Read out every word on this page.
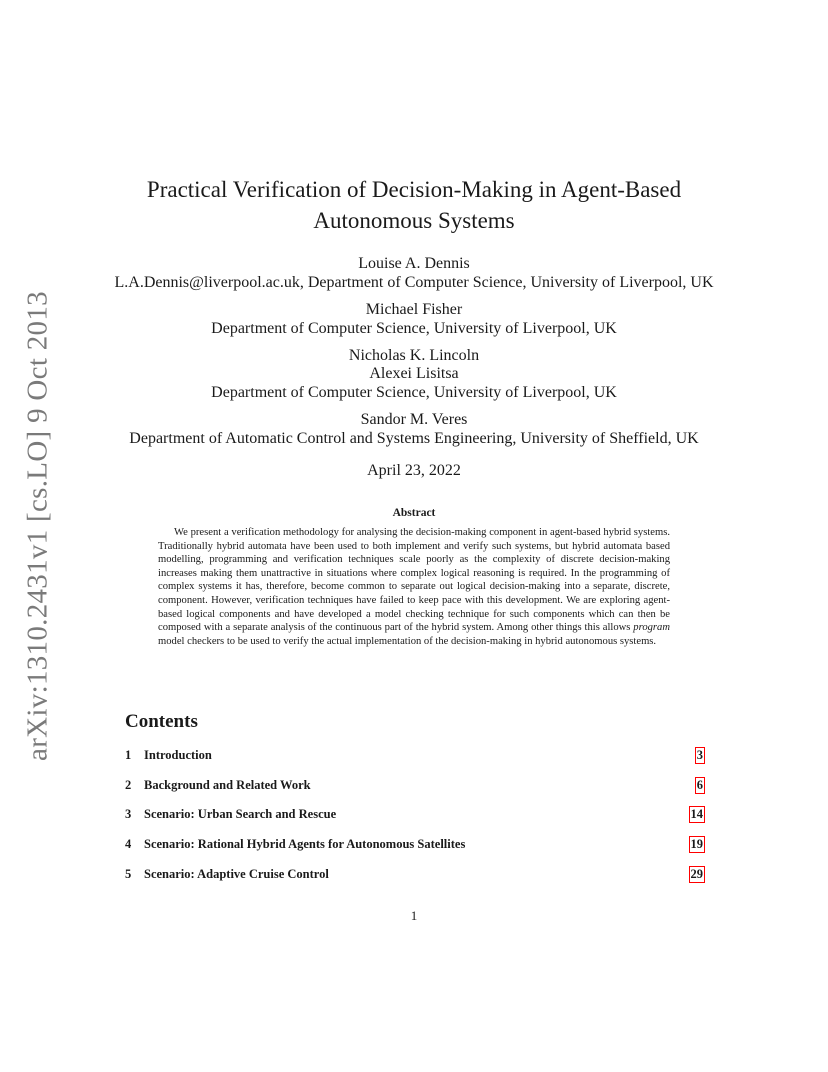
arXiv:1310.2431v1 [cs.LO] 9 Oct 2013
Practical Verification of Decision-Making in Agent-Based Autonomous Systems
Louise A. Dennis
L.A.Dennis@liverpool.ac.uk, Department of Computer Science, University of Liverpool, UK
Michael Fisher
Department of Computer Science, University of Liverpool, UK
Nicholas K. Lincoln
Alexei Lisitsa
Department of Computer Science, University of Liverpool, UK
Sandor M. Veres
Department of Automatic Control and Systems Engineering, University of Sheffield, UK
April 23, 2022
Abstract
We present a verification methodology for analysing the decision-making component in agent-based hybrid systems. Traditionally hybrid automata have been used to both implement and verify such systems, but hybrid automata based modelling, programming and verification techniques scale poorly as the complexity of discrete decision-making increases making them unattractive in situations where complex logical reasoning is required. In the programming of complex systems it has, therefore, become common to separate out logical decision-making into a separate, discrete, component. However, verification techniques have failed to keep pace with this development. We are exploring agent-based logical components and have developed a model checking technique for such components which can then be composed with a separate analysis of the continuous part of the hybrid system. Among other things this allows program model checkers to be used to verify the actual implementation of the decision-making in hybrid autonomous systems.
Contents
1 Introduction	3
2 Background and Related Work	6
3 Scenario: Urban Search and Rescue	14
4 Scenario: Rational Hybrid Agents for Autonomous Satellites	19
5 Scenario: Adaptive Cruise Control	29
1
